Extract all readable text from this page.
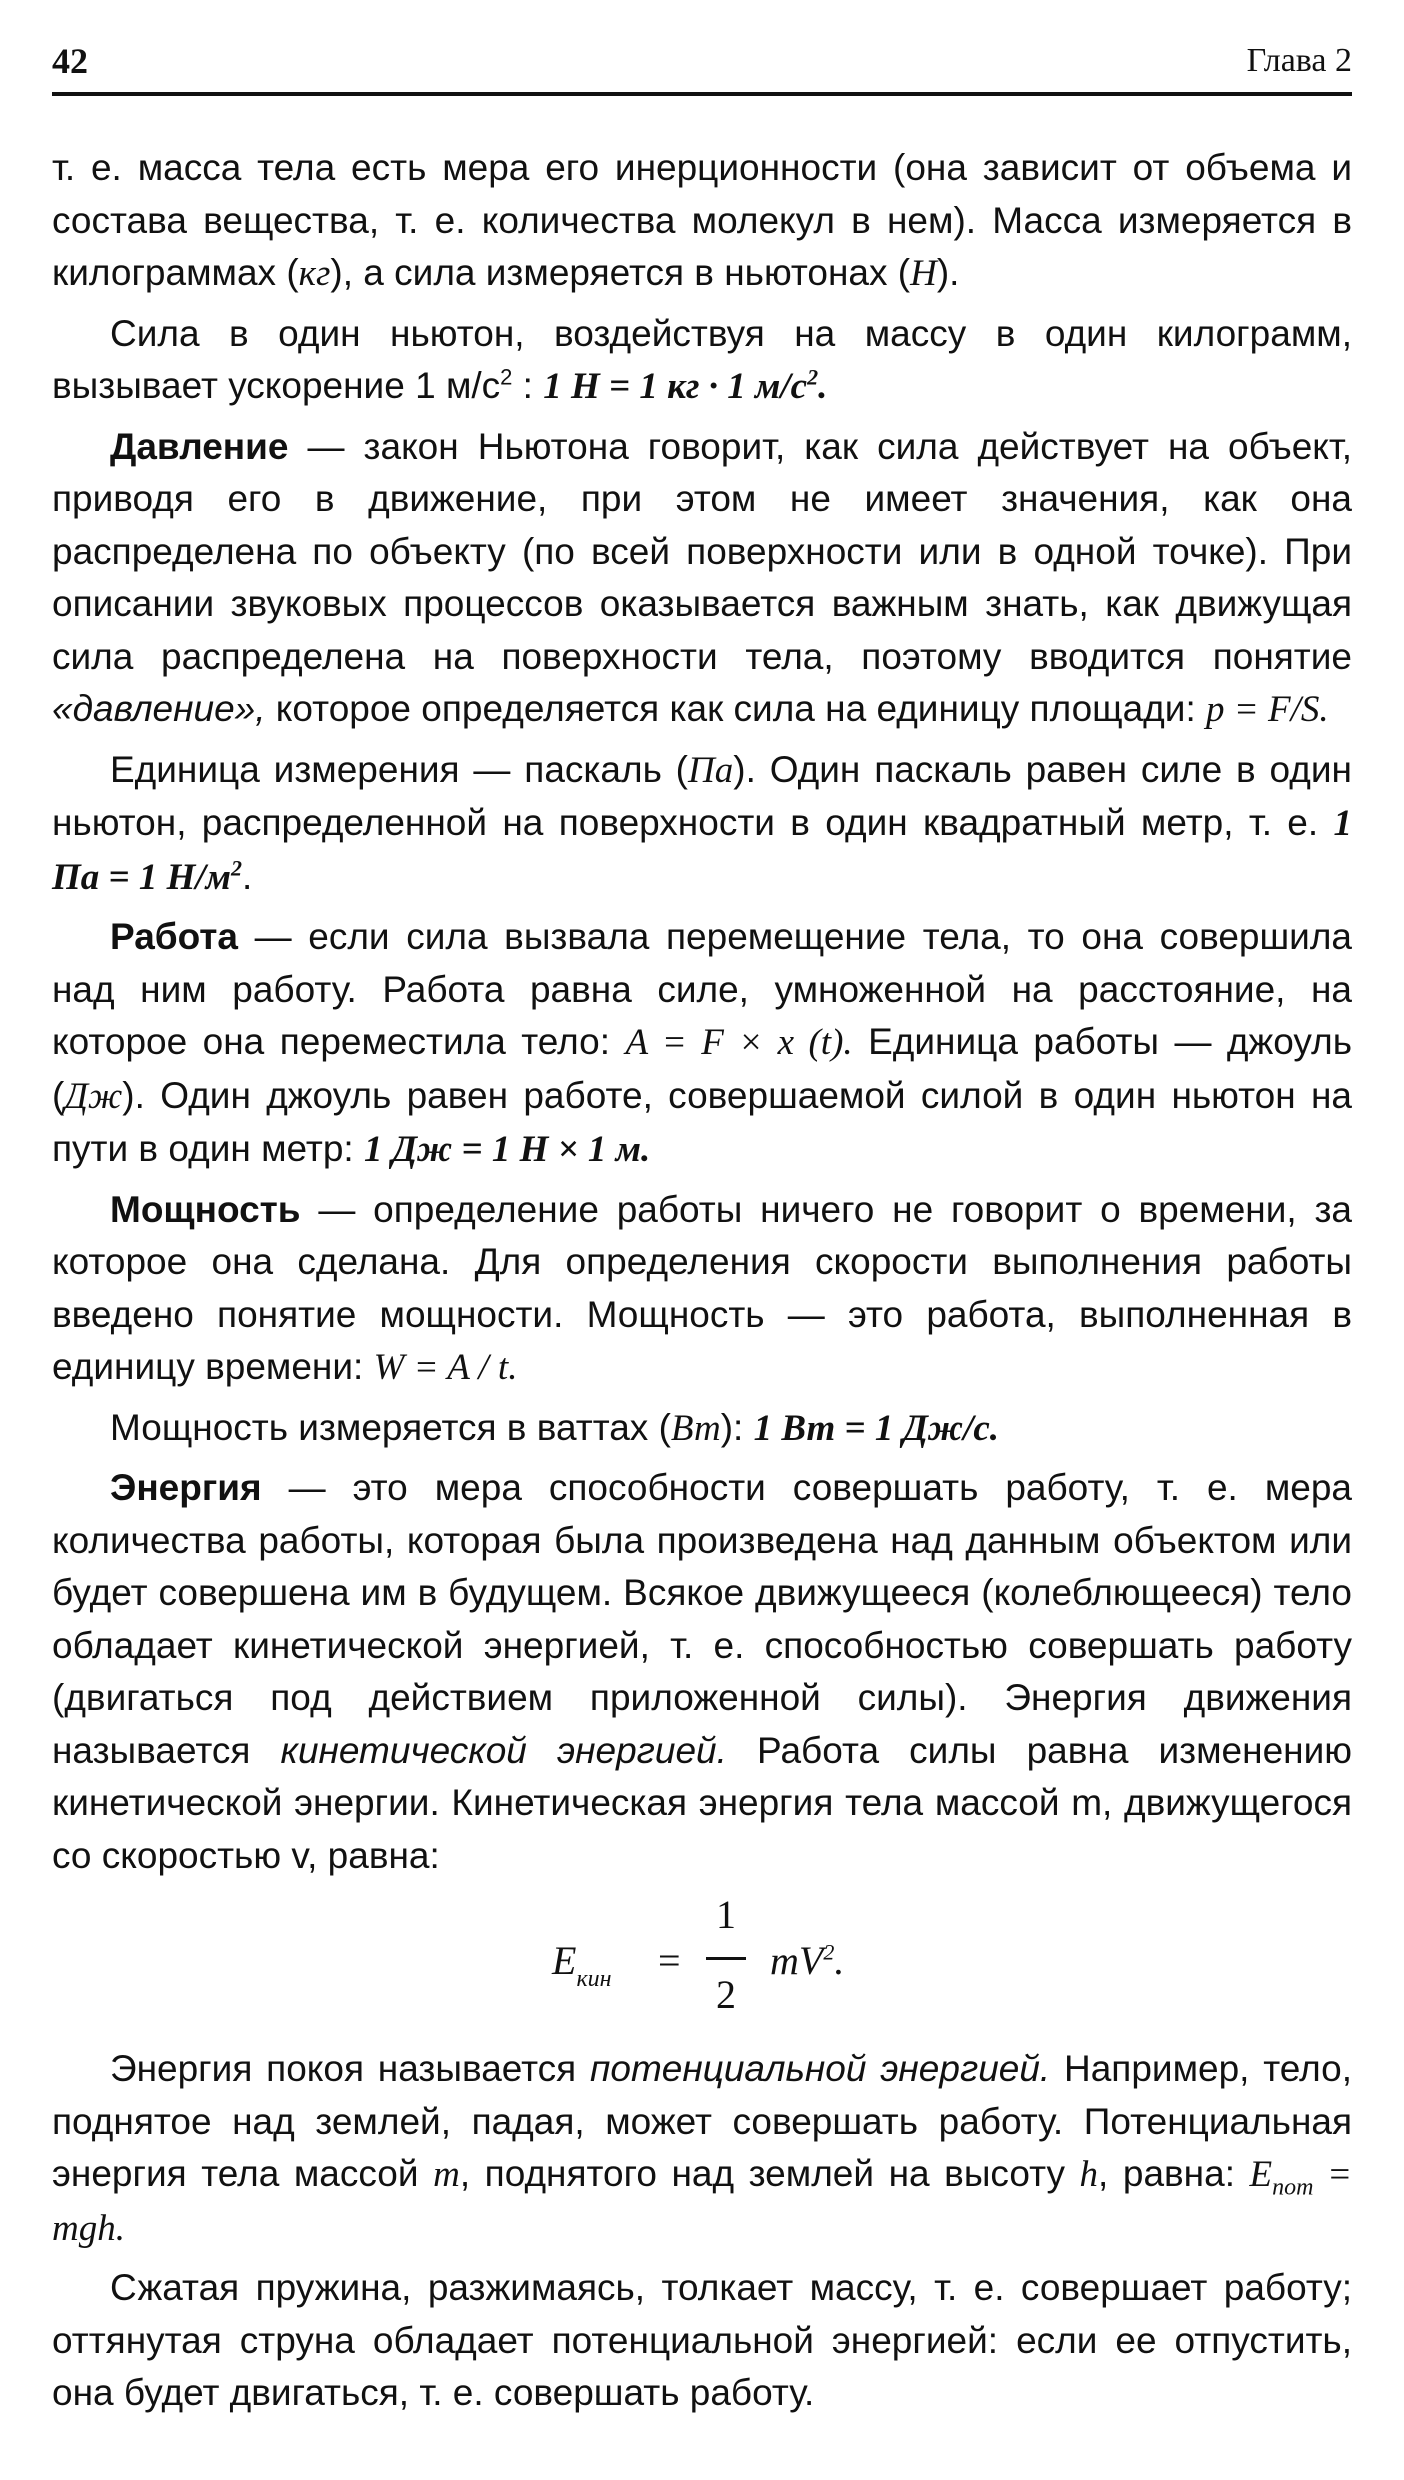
42	Глава 2

т. е. масса тела есть мера его инерционности (она зависит от объема и состава вещества, т. е. количества молекул в нем). Масса измеряется в килограммах (кг), а сила измеряется в ньютонах (Н).

Сила в один ньютон, воздействуя на массу в один килограмм, вызывает ускорение 1 $м/с^2$ : 1 Н = 1 кг · 1 $м/с^2$.

Давление — закон Ньютона говорит, как сила действует на объект, приводя его в движение, при этом не имеет значения, как она распределена по объекту (по всей поверхности или в одной точке). При описании звуковых процессов оказывается важным знать, как движущая сила распределена на поверхности тела, поэтому вводится понятие «давление», которое определяется как сила на единицу площади: p = F/S.

Единица измерения — паскаль (Па). Один паскаль равен силе в один ньютон, распределенной на поверхности в один квадратный метр, т. е. 1 Па = 1 $Н/м^2$.

Работа — если сила вызвала перемещение тела, то она совершила над ним работу. Работа равна силе, умноженной на расстояние, на которое она переместила тело: A = F × x (t). Единица работы — джоуль (Дж). Один джоуль равен работе, совершаемой силой в один ньютон на пути в один метр: 1 Дж = 1 Н × 1 м.

Мощность — определение работы ничего не говорит о времени, за которое она сделана. Для определения скорости выполнения работы введено понятие мощности. Мощность — это работа, выполненная в единицу времени: W = A / t.

Мощность измеряется в ваттах (Вт): 1 Вт = 1 Дж/с.

Энергия — это мера способности совершать работу, т. е. мера количества работы, которая была произведена над данным объектом или будет совершена им в будущем. Всякое движущееся (колеблющееся) тело обладает кинетической энергией, т. е. способностью совершать работу (двигаться под действием приложенной силы). Энергия движения называется кинетической энергией. Работа силы равна изменению кинетической энергии. Кинетическая энергия тела массой m, движущегося со скоростью v, равна:

$E_{кин}$ =
1
2
$mV^2$.

Энергия покоя называется потенциальной энергией. Например, тело, поднятое над землей, падая, может совершать работу. Потенциальная энергия тела массой m, поднятого над землей на высоту h, равна: $E_{пот}$ = mgh.

Сжатая пружина, разжимаясь, толкает массу, т. е. совершает работу; оттянутая струна обладает потенциальной энергией: если ее отпустить, она будет двигаться, т. е. совершать работу.
